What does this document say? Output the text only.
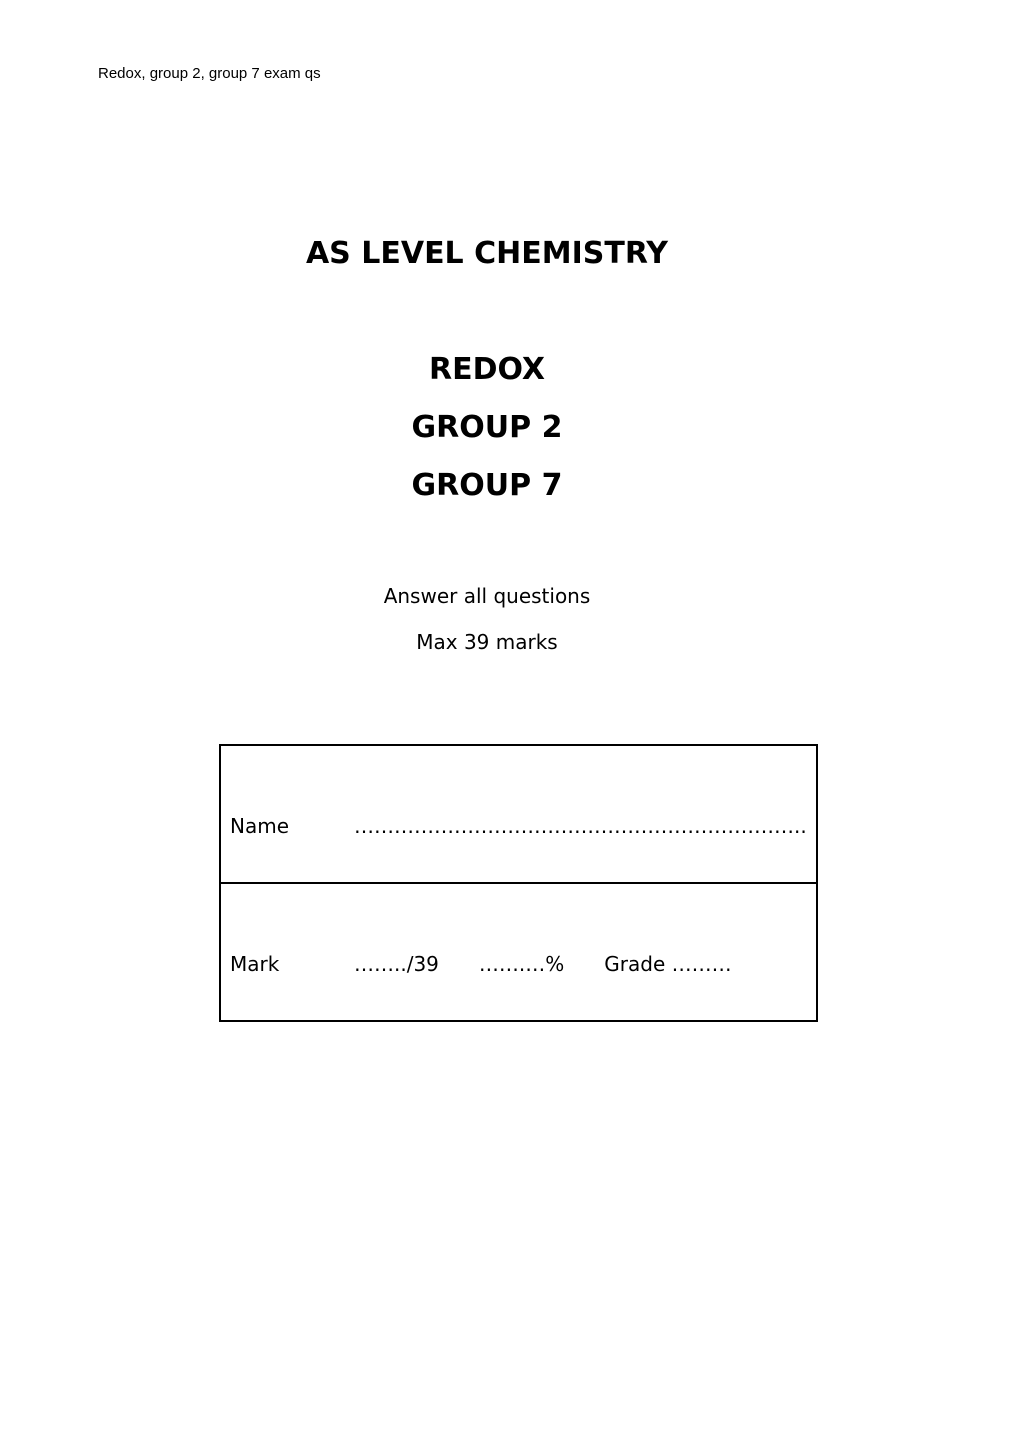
Redox, group 2, group 7 exam qs
AS LEVEL CHEMISTRY
REDOX
GROUP 2
GROUP 7
Answer all questions
Max 39 marks
Name	…………………………………………………………..
Mark	……../39 …….…% Grade ………
